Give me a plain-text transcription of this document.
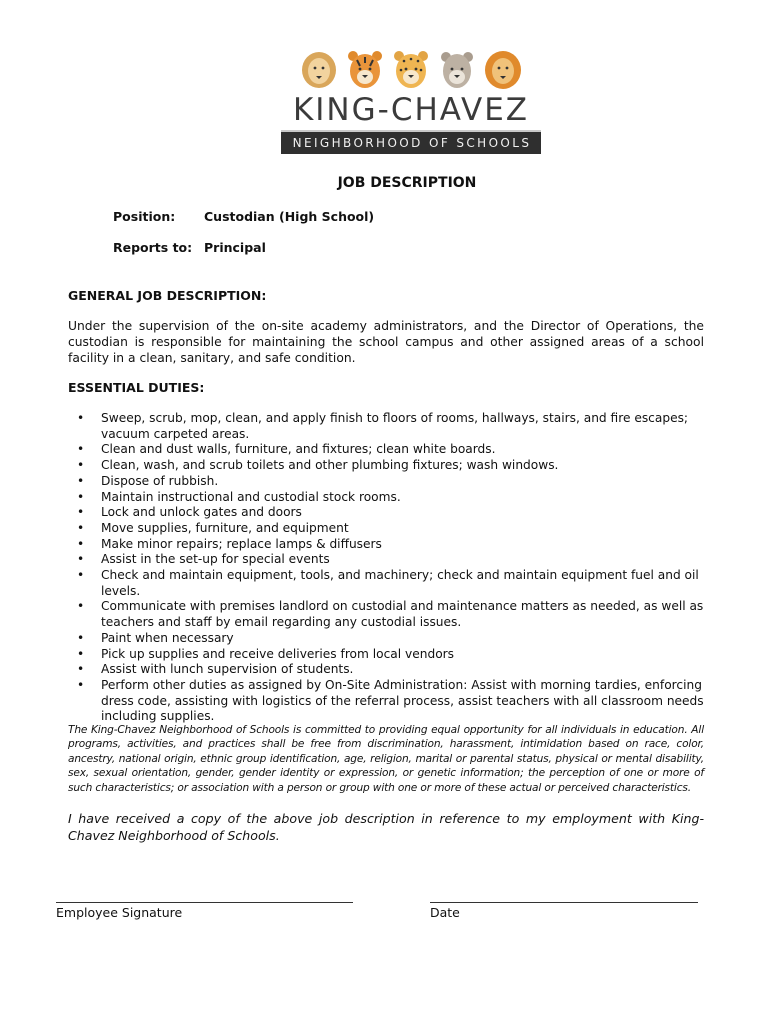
KING-CHAVEZ
NEIGHBORHOOD OF SCHOOLS
JOB DESCRIPTION
Position: Custodian (High School)
Reports to: Principal
GENERAL JOB DESCRIPTION:
Under the supervision of the on-site academy administrators, and the Director of Operations, the custodian is responsible for maintaining the school campus and other assigned areas of a school facility in a clean, sanitary, and safe condition.
ESSENTIAL DUTIES:
• Sweep, scrub, mop, clean, and apply finish to floors of rooms, hallways, stairs, and fire escapes; vacuum carpeted areas.
• Clean and dust walls, furniture, and fixtures; clean white boards.
• Clean, wash, and scrub toilets and other plumbing fixtures; wash windows.
• Dispose of rubbish.
• Maintain instructional and custodial stock rooms.
• Lock and unlock gates and doors
• Move supplies, furniture, and equipment
• Make minor repairs; replace lamps & diffusers
• Assist in the set-up for special events
• Check and maintain equipment, tools, and machinery; check and maintain equipment fuel and oil levels.
• Communicate with premises landlord on custodial and maintenance matters as needed, as well as teachers and staff by email regarding any custodial issues.
• Paint when necessary
• Pick up supplies and receive deliveries from local vendors
• Assist with lunch supervision of students.
• Perform other duties as assigned by On-Site Administration: Assist with morning tardies, enforcing dress code, assisting with logistics of the referral process, assist teachers with all classroom needs including supplies.
The King-Chavez Neighborhood of Schools is committed to providing equal opportunity for all individuals in education. All programs, activities, and practices shall be free from discrimination, harassment, intimidation based on race, color, ancestry, national origin, ethnic group identification, age, religion, marital or parental status, physical or mental disability, sex, sexual orientation, gender, gender identity or expression, or genetic information; the perception of one or more of such characteristics; or association with a person or group with one or more of these actual or perceived characteristics.
I have received a copy of the above job description in reference to my employment with King-Chavez Neighborhood of Schools.
Employee Signature	Date
